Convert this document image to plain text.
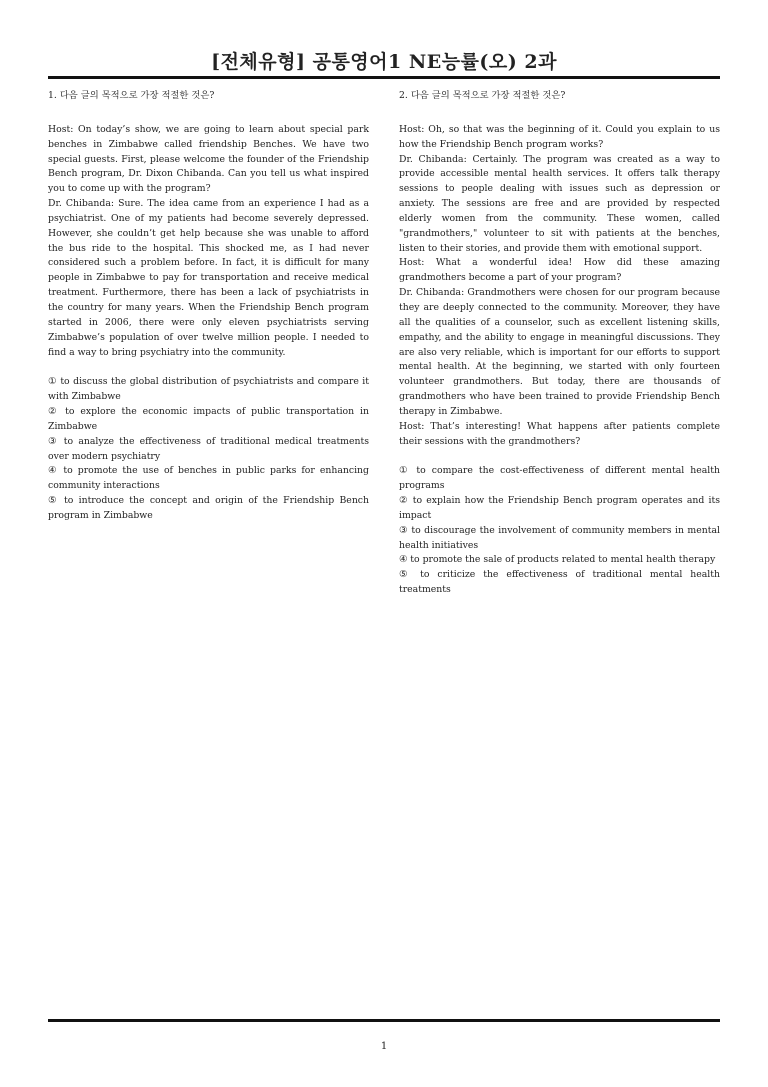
[전체유형] 공통영어1 NE능률(오) 2과

1. 다음 글의 목적으로 가장 적절한 것은?

Host: On today’s show, we are going to learn about special park benches in Zimbabwe called friendship Benches. We have two special guests. First, please welcome the founder of the Friendship Bench program, Dr. Dixon Chibanda. Can you tell us what inspired you to come up with the program?

Dr. Chibanda: Sure. The idea came from an experience I had as a psychiatrist. One of my patients had become severely depressed. However, she couldn’t get help because she was unable to afford the bus ride to the hospital. This shocked me, as I had never considered such a problem before. In fact, it is difficult for many people in Zimbabwe to pay for transportation and receive medical treatment. Furthermore, there has been a lack of psychiatrists in the country for many years. When the Friendship Bench program started in 2006, there were only eleven psychiatrists serving Zimbabwe’s population of over twelve million people. I needed to find a way to bring psychiatry into the community.

① to discuss the global distribution of psychiatrists and compare it with Zimbabwe

② to explore the economic impacts of public transportation in Zimbabwe

③ to analyze the effectiveness of traditional medical treatments over modern psychiatry

④ to promote the use of benches in public parks for enhancing community interactions

⑤ to introduce the concept and origin of the Friendship Bench program in Zimbabwe

2. 다음 글의 목적으로 가장 적절한 것은?

Host: Oh, so that was the beginning of it. Could you explain to us how the Friendship Bench program works?

Dr. Chibanda: Certainly. The program was created as a way to provide accessible mental health services. It offers talk therapy sessions to people dealing with issues such as depression or anxiety. The sessions are free and are provided by respected elderly women from the community. These women, called "grandmothers," volunteer to sit with patients at the benches, listen to their stories, and provide them with emotional support.

Host: What a wonderful idea! How did these amazing grandmothers become a part of your program?

Dr. Chibanda: Grandmothers were chosen for our program because they are deeply connected to the community. Moreover, they have all the qualities of a counselor, such as excellent listening skills, empathy, and the ability to engage in meaningful discussions. They are also very reliable, which is important for our efforts to support mental health. At the beginning, we started with only fourteen volunteer grandmothers. But today, there are thousands of grandmothers who have been trained to provide Friendship Bench therapy in Zimbabwe.

Host: That’s interesting! What happens after patients complete their sessions with the grandmothers?

① to compare the cost-effectiveness of different mental health programs

② to explain how the Friendship Bench program operates and its impact

③ to discourage the involvement of community members in mental health initiatives

④ to promote the sale of products related to mental health therapy

⑤ to criticize the effectiveness of traditional mental health treatments

1
